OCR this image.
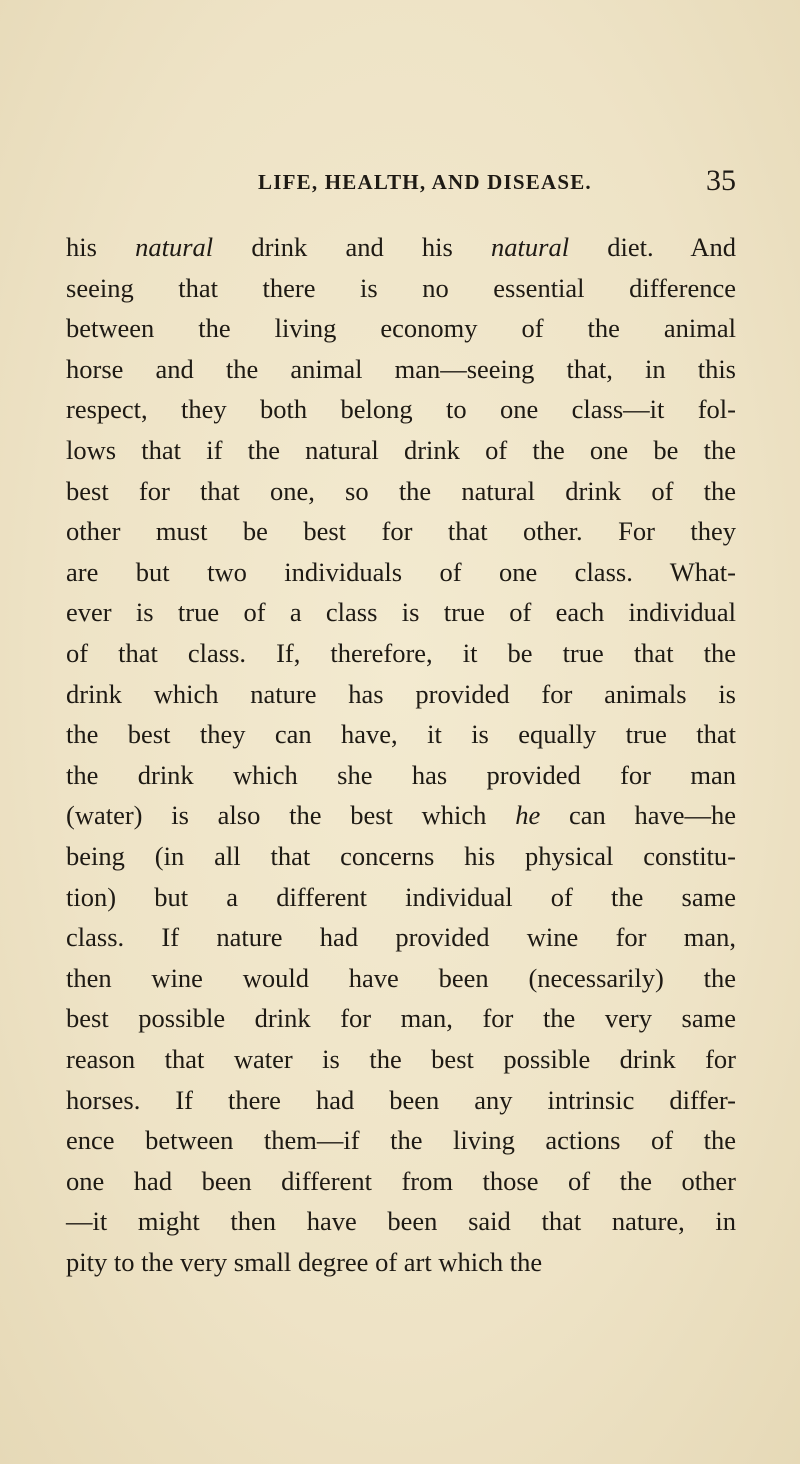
LIFE, HEALTH, AND DISEASE.	35
his natural drink and his natural diet. And
seeing that there is no essential difference
between the living economy of the animal
horse and the animal man—seeing that, in this
respect, they both belong to one class—it fol-
lows that if the natural drink of the one be the
best for that one, so the natural drink of the
other must be best for that other. For they
are but two individuals of one class. What-
ever is true of a class is true of each individual
of that class. If, therefore, it be true that the
drink which nature has provided for animals is
the best they can have, it is equally true that
the drink which she has provided for man
(water) is also the best which he can have—he
being (in all that concerns his physical constitu-
tion) but a different individual of the same
class. If nature had provided wine for man,
then wine would have been (necessarily) the
best possible drink for man, for the very same
reason that water is the best possible drink for
horses. If there had been any intrinsic differ-
ence between them—if the living actions of the
one had been different from those of the other
—it might then have been said that nature, in
pity to the very small degree of art which the
